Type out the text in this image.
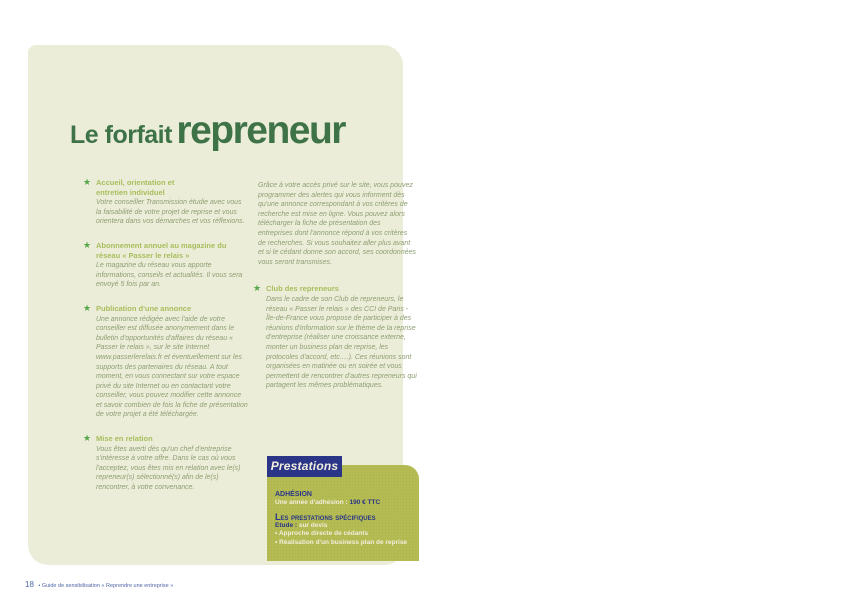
Le forfait repreneur
★ Accueil, orientation et entretien individuel
Votre conseiller Transmission étudie avec vous la faisabilité de votre projet de reprise et vous orientera dans vos démarches et vos réflexions.
★ Abonnement annuel au magazine du réseau « Passer le relais »
Le magazine du réseau vous apporte informations, conseils et actualités. Il vous sera envoyé 5 fois par an.
★ Publication d'une annonce
Une annonce rédigée avec l'aide de votre conseiller est diffusée anonymement dans le bulletin d'opportunités d'affaires du réseau « Passer le relais », sur le site Internet www.passerlerelais.fr et éventuellement sur les supports des partenaires du réseau. A tout moment, en vous connectant sur votre espace privé du site Internet ou en contactant votre conseiller, vous pouvez modifier cette annonce et savoir combien de fois la fiche de présentation de votre projet a été téléchargée.
★ Mise en relation
Vous êtes averti dès qu'un chef d'entreprise s'intéresse à votre offre. Dans le cas où vous l'acceptez, vous êtes mis en relation avec le(s) repreneur(s) sélectionné(s) afin de le(s) rencontrer, à votre convenance.
Grâce à votre accès privé sur le site, vous pouvez programmer des alertes qui vous informent dès qu'une annonce correspondant à vos critères de recherche est mise en ligne. Vous pouvez alors télécharger la fiche de présentation des entreprises dont l'annonce répond à vos critères de recherches. Si vous souhaitez aller plus avant et si le cédant donne son accord, ses coordonnées vous seront transmises.
★ Club des repreneurs
Dans le cadre de son Club de repreneurs, le réseau « Passer le relais » des CCI de Paris - Île-de-France vous propose de participer à des réunions d'information sur le thème de la reprise d'entreprise (réaliser une croissance externe, monter un business plan de reprise, les protocoles d'accord, etc.…). Ces réunions sont organisées en matinée ou en soirée et vous permettent de rencontrer d'autres repreneurs qui partagent les mêmes problématiques.
ADHÉSION
Une année d'adhésion : 190 € TTC
Les prestations spécifiques
Etude : sur devis
• Approche directe de cédants
• Réalisation d'un business plan de reprise
Prestations
18 • Guide de sensibilisation « Reprendre une entreprise »
